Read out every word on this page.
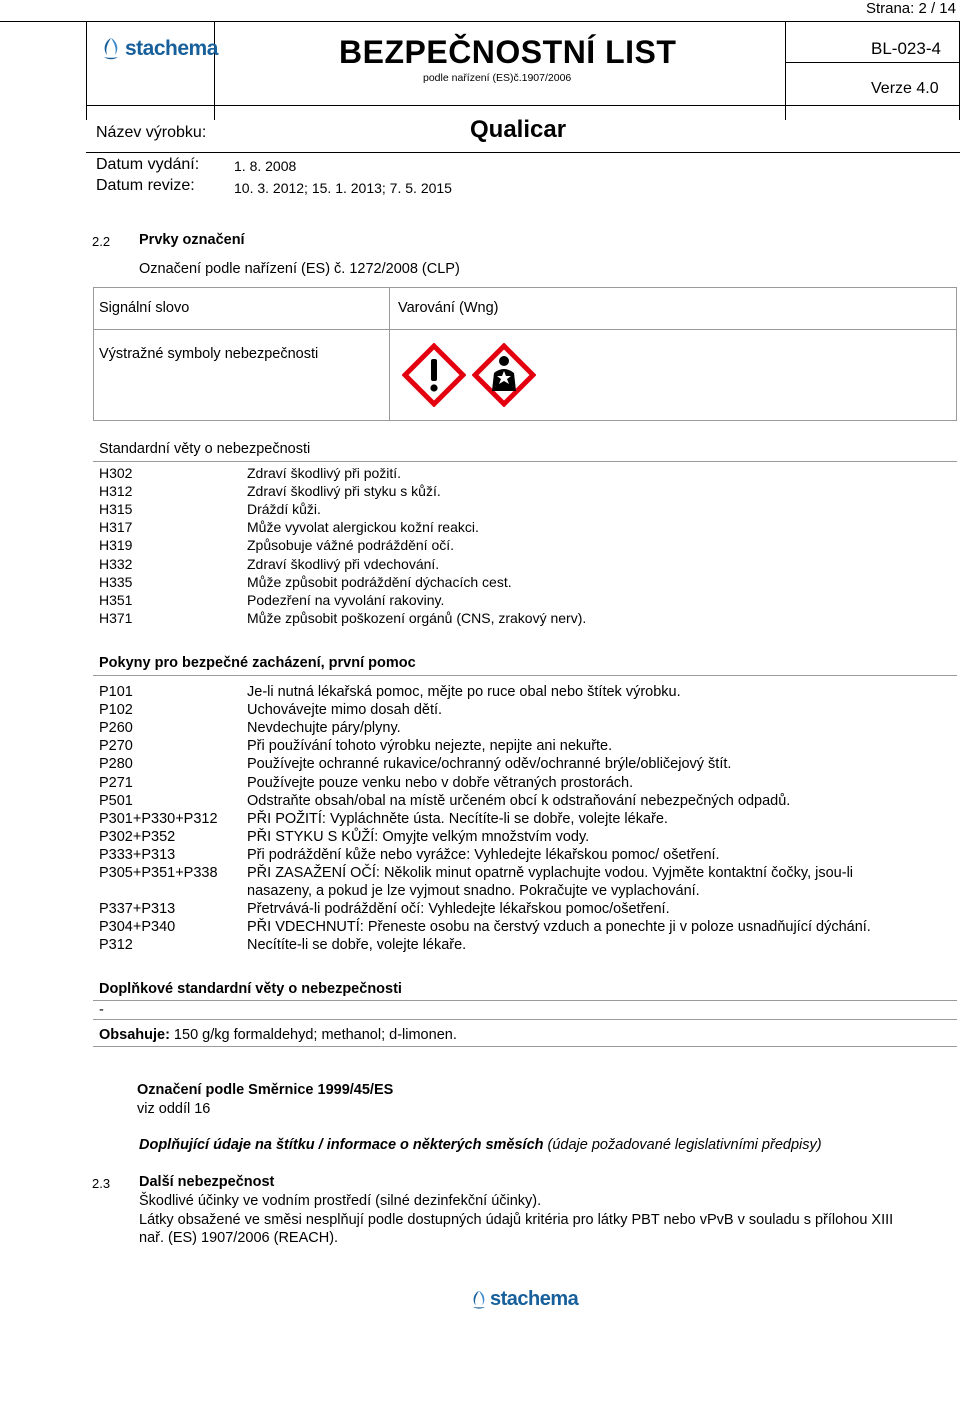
Strana: 2 / 14
stachema	BEZPEČNOSTNÍ LIST
podle nařízení (ES)č.1907/2006
BL-023-4
Verze 4.0
Název výrobku:	Qualicar
Datum vydání: 1. 8. 2008
Datum revize:	10. 3. 2012; 15. 1. 2013; 7. 5. 2015
2.2 Prvky označení
Označení podle nařízení (ES) č. 1272/2008 (CLP)
Signální slovo	Varování (Wng)
Výstražné symboly nebezpečnosti
Standardní věty o nebezpečnosti
H302	Zdraví škodlivý při požití.
H312	Zdraví škodlivý při styku s kůží.
H315	Dráždí kůži.
H317	Může vyvolat alergickou kožní reakci.
H319	Způsobuje vážné podráždění očí.
H332	Zdraví škodlivý při vdechování.
H335	Může způsobit podráždění dýchacích cest.
H351	Podezření na vyvolání rakoviny.
H371	Může způsobit poškození orgánů (CNS, zrakový nerv).
Pokyny pro bezpečné zacházení, první pomoc
P101	Je-li nutná lékařská pomoc, mějte po ruce obal nebo štítek výrobku.
P102	Uchovávejte mimo dosah dětí.
P260	Nevdechujte páry/plyny.
P270	Při používání tohoto výrobku nejezte, nepijte ani nekuřte.
P280	Používejte ochranné rukavice/ochranný oděv/ochranné brýle/obličejový štít.
P271	Používejte pouze venku nebo v dobře větraných prostorách.
P501	Odstraňte obsah/obal na místě určeném obcí k odstraňování nebezpečných odpadů.
P301+P330+P312 PŘI POŽITÍ: Vypláchněte ústa. Necítíte-li se dobře, volejte lékaře.
P302+P352	PŘI STYKU S KŮŽÍ: Omyjte velkým množstvím vody.
P333+P313	Při podráždění kůže nebo vyrážce: Vyhledejte lékařskou pomoc/ ošetření.
P305+P351+P338 PŘI ZASAŽENÍ OČÍ: Několik minut opatrně vyplachujte vodou. Vyjměte kontaktní čočky, jsou-li
nasazeny, a pokud je lze vyjmout snadno. Pokračujte ve vyplachování.
P337+P313	Přetrvává-li podráždění očí: Vyhledejte lékařskou pomoc/ošetření.
P304+P340	PŘI VDECHNUTÍ: Přeneste osobu na čerstvý vzduch a ponechte ji v poloze usnadňující dýchání.
P312	Necítíte-li se dobře, volejte lékaře.
Doplňkové standardní věty o nebezpečnosti
-
Obsahuje: 150 g/kg formaldehyd; methanol; d-limonen.
Označení podle Směrnice 1999/45/ES
viz oddíl 16
Doplňující údaje na štítku / informace o některých směsích (údaje požadované legislativními předpisy)
2.3 Další nebezpečnost
Škodlivé účinky ve vodním prostředí (silné dezinfekční účinky).
Látky obsažené ve směsi nesplňují podle dostupných údajů kritéria pro látky PBT nebo vPvB v souladu s přílohou XIII
nař. (ES) 1907/2006 (REACH).
stachema
